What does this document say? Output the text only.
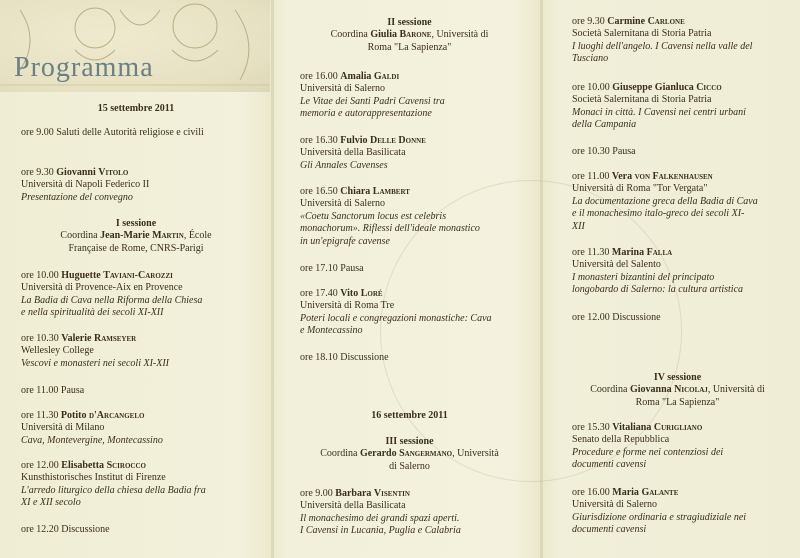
Programma
15 settembre 2011

ore 9.00 Saluti delle Autorità religiose e civili

ore 9.30 Giovanni Vitolo

Università di Napoli Federico II

Presentazione del convegno

I sessione

Coordina Jean-Marie Martin, École

Française de Rome, CNRS-Parigi

ore 10.00 Huguette Taviani-Carozzi

Università di Provence-Aix en Provence

La Badia di Cava nella Riforma della Chiesa

e nella spiritualità dei secoli XI-XII

ore 10.30 Valerie Ramseyer

Wellesley College

Vescovi e monasteri nei secoli XI-XII

ore 11.00 Pausa

ore 11.30 Potito d'Arcangelo

Università di Milano

Cava, Montevergine, Montecassino

ore 12.00 Elisabetta Scirocco

Kunsthistorisches Institut di Firenze

L'arredo liturgico della chiesa della Badia fra

XI e XII secolo

ore 12.20 Discussione

II sessione

Coordina Giulia Barone, Università di

Roma "La Sapienza"

ore 16.00 Amalia Galdi

Università di Salerno

Le Vitae dei Santi Padri Cavensi tra

memoria e autorappresentazione

ore 16.30 Fulvio Delle Donne

Università della Basilicata

Gli Annales Cavenses

ore 16.50 Chiara Lambert

Università di Salerno

«Coetu Sanctorum locus est celebris

monachorum». Riflessi dell'ideale monastico

in un'epigrafe cavense

ore 17.10 Pausa

ore 17.40 Vito Loré

Università di Roma Tre

Poteri locali e congregazioni monastiche: Cava

e Montecassino

ore 18.10 Discussione

16 settembre 2011

III sessione

Coordina Gerardo Sangermano, Università

di Salerno

ore 9.00 Barbara Visentin

Università della Basilicata

Il monachesimo dei grandi spazi aperti.

I Cavensi in Lucania, Puglia e Calabria

ore 9.30 Carmine Carlone

Società Salernitana di Storia Patria

I luoghi dell'angelo. I Cavensi nella valle del

Tusciano

ore 10.00 Giuseppe Gianluca Cicco

Società Salernitana di Storia Patria

Monaci in città. I Cavensi nei centri urbani

della Campania

ore 10.30 Pausa

ore 11.00 Vera von Falkenhausen

Università di Roma "Tor Vergata"

La documentazione greca della Badia di Cava

e il monachesimo italo-greco dei secoli XI-

XII

ore 11.30 Marina Falla

Università del Salento

I monasteri bizantini del principato

longobardo di Salerno: la cultura artistica

ore 12.00 Discussione

IV sessione

Coordina Giovanna Nicolaj, Università di

Roma "La Sapienza"

ore 15.30 Vitaliana Curigliano

Senato della Repubblica

Procedure e forme nei contenziosi dei

documenti cavensi

ore 16.00 Maria Galante

Università di Salerno

Giurisdizione ordinaria e stragiudiziale nei

documenti cavensi
